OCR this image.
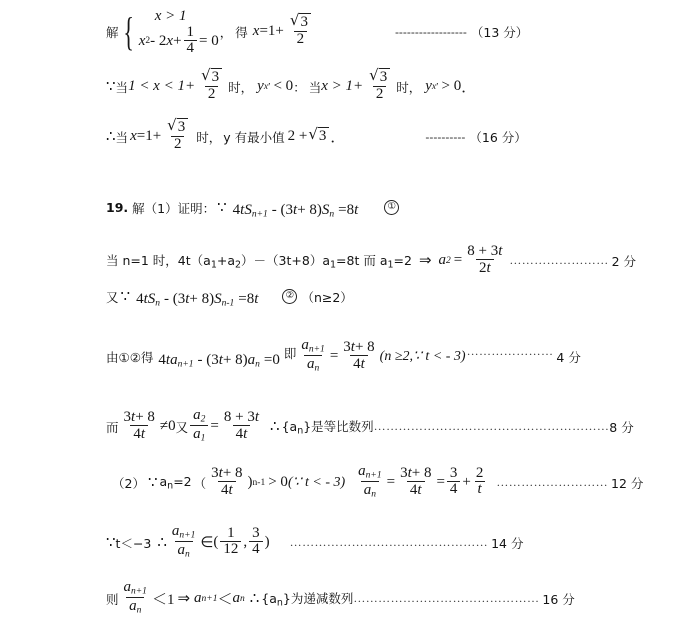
解 {	x > 1
x 2 - 2 $x + \frac{1}{4} = 0$
， 得 $x =1+ \frac{√ 3}{2}$	------------------ （13 分）
∵ 当 $1 < x < 1+ \frac{√ 3}{2}$ 时， y x ′ < 0 ： 当 $x > 1+ \frac{√ 3}{2}$ 时， y x ′ > 0 ．
∴ 当 $x =1+ \frac{√ 3}{2}$ 时， y 有最小值 2 + √ 3 ．	---------- （16 分）
19. 解（1）证明： ∵ 4tSn+1 - (3t+ 8)Sn =8t	①
当 n=1 时，$4t(a_1+a_2)-(3t+8)a_1=8t$ 而 $a_1=2$ ⇒ a $2 = \frac{8 + 3t}{2t}$ …………………… 2 分
又 ∵ 4tSn - (3t+ 8)Sn-1 =8t	② （n≥2）
由①②得 4tan+1 - (3t+ 8)an =0 即 $\frac{an+1}{an} = \frac{3t+ 8}{4t} (n$ ≥2,∵ t < - 3) ………………… 4 分
而 $\frac{3t+ 8}{4t} \ne 0$ 又 $\frac{a2}{a1} = \frac{8 + 3t}{4t}$ ∴ $\{a_n\}$是等比数列 ………………………………………………… 8 分
（2） ∵ $a_n=2$ （ $\frac{3t+ 8}{4t}$ ) n-1 > 0 (∵ t < - $3) \frac{an+1}{an} = \frac{3t+ 8}{4t} = \frac{3}{4} + \frac{2}{t}$ ……………………… 12 分
∵ t＜−3 ∴ $\frac{an+1}{an}$ ∈ ( $\frac{1}{12}$ , $\frac{3}{4}$ ) ………………………………………… 14 分
则 $\frac{an+1}{an} <1$ ⇒ a n+1 ＜ a n ∴ $\{a_n\}$为递减数列 ……………………………………… 16 分
